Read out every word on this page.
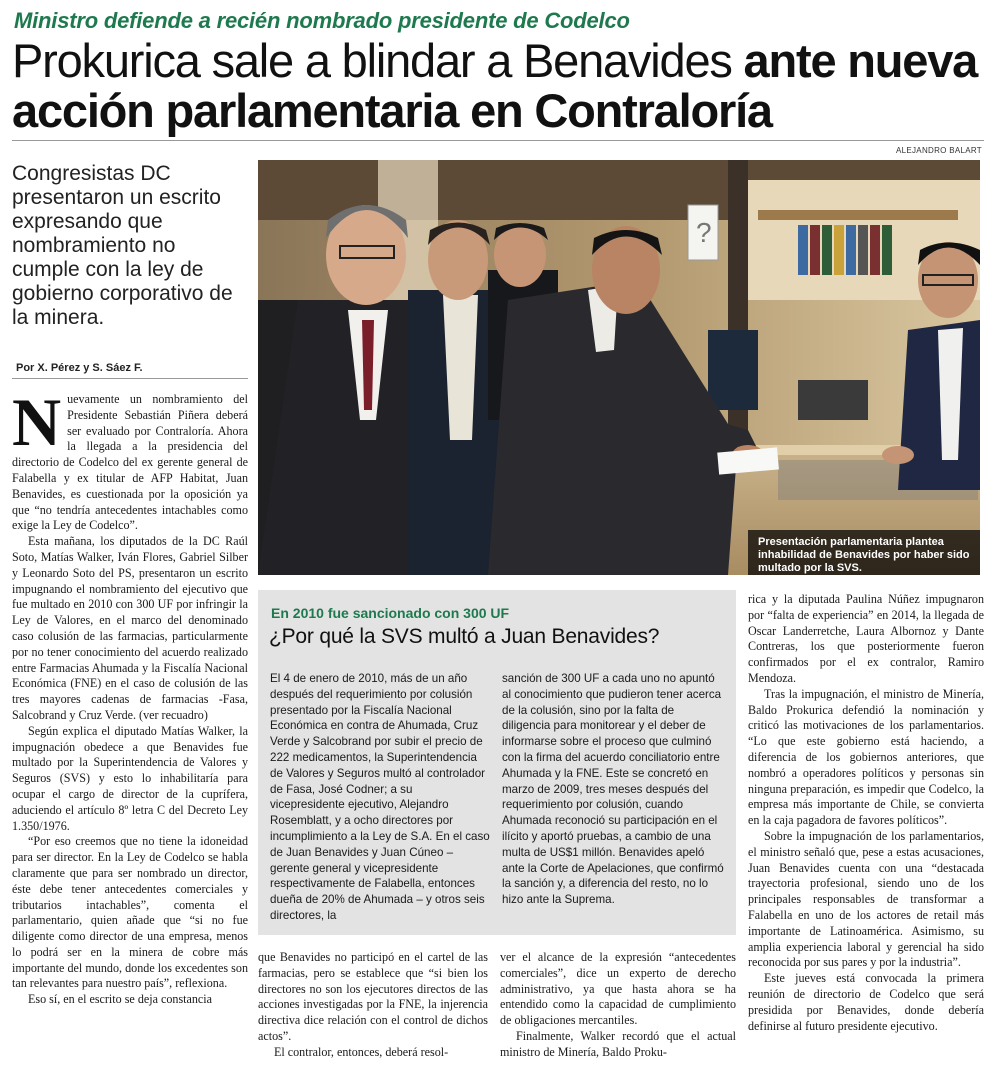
Ministro defiende a recién nombrado presidente de Codelco
Prokurica sale a blindar a Benavides ante nueva acción parlamentaria en Contraloría
ALEJANDRO BALART
Congresistas DC presentaron un escrito expresando que nombramiento no cumple con la ley de gobierno corporativo de la minera.
Por X. Pérez y S. Sáez F.
?
Presentación parlamentaria plantea inhabilidad de Benavides por haber sido multado por la SVS.

Nuevamente un nombramiento del Presidente Sebastián Piñera deberá ser evaluado por Contraloría. Ahora la llegada a la presidencia del directorio de Codelco del ex gerente general de Falabella y ex titular de AFP Habitat, Juan Benavides, es cuestionada por la oposición ya que “no tendría antecedentes intachables como exige la Ley de Codelco”.

Esta mañana, los diputados de la DC Raúl Soto, Matías Walker, Iván Flores, Gabriel Silber y Leonardo Soto del PS, presentaron un escrito impugnando el nombramiento del ejecutivo que fue multado en 2010 con 300 UF por infringir la Ley de Valores, en el marco del denominado caso colusión de las farmacias, particularmente por no tener conocimiento del acuerdo realizado entre Farmacias Ahumada y la Fiscalía Nacional Económica (FNE) en el caso de colusión de las tres mayores cadenas de farmacias -Fasa, Salcobrand y Cruz Verde. (ver recuadro)

Según explica el diputado Matías Walker, la impugnación obedece a que Benavides fue multado por la Superintendencia de Valores y Seguros (SVS) y esto lo inhabilitaría para ocupar el cargo de director de la cuprífera, aduciendo el artículo 8º letra C del Decreto Ley 1.350/1976.

“Por eso creemos que no tiene la idoneidad para ser director. En la Ley de Codelco se habla claramente que para ser nombrado un director, éste debe tener antecedentes comerciales y tributarios intachables”, comenta el parlamentario, quien añade que “si no fue diligente como director de una empresa, menos lo podrá ser en la minera de cobre más importante del mundo, donde los excedentes son tan relevantes para nuestro país”, reflexiona.

Eso sí, en el escrito se deja constancia

En 2010 fue sancionado con 300 UF
¿Por qué la SVS multó a Juan Benavides?
El 4 de enero de 2010, más de un año después del requerimiento por colusión presentado por la Fiscalía Nacional Económica en contra de Ahumada, Cruz Verde y Salcobrand por subir el precio de 222 medicamentos, la Superintendencia de Valores y Seguros multó al controlador de Fasa, José Codner; a su vicepresidente ejecutivo, Alejandro Rosemblatt, y a ocho directores por incumplimiento a la Ley de S.A. En el caso de Juan Benavides y Juan Cúneo – gerente general y vicepresidente respectivamente de Falabella, entonces dueña de 20% de Ahumada – y otros seis directores, la
sanción de 300 UF a cada uno no apuntó al conocimiento que pudieron tener acerca de la colusión, sino por la falta de diligencia para monitorear y el deber de informarse sobre el proceso que culminó con la firma del acuerdo conciliatorio entre Ahumada y la FNE. Este se concretó en marzo de 2009, tres meses después del requerimiento por colusión, cuando Ahumada reconoció su participación en el ilícito y aportó pruebas, a cambio de una multa de US$1 millón. Benavides apeló ante la Corte de Apelaciones, que confirmó la sanción y, a diferencia del resto, no lo hizo ante la Suprema.

que Benavides no participó en el cartel de las farmacias, pero se establece que “si bien los directores no son los ejecutores directos de las acciones investigadas por la FNE, la injerencia directiva dice relación con el control de dichos actos”.

El contralor, entonces, deberá resol-

ver el alcance de la expresión “antecedentes comerciales”, dice un experto de derecho administrativo, ya que hasta ahora se ha entendido como la capacidad de cumplimiento de obligaciones mercantiles.

Finalmente, Walker recordó que el actual ministro de Minería, Baldo Proku-

rica y la diputada Paulina Núñez impugnaron por “falta de experiencia” en 2014, la llegada de Oscar Landerretche, Laura Albornoz y Dante Contreras, los que posteriormente fueron confirmados por el ex contralor, Ramiro Mendoza.

Tras la impugnación, el ministro de Minería, Baldo Prokurica defendió la nominación y criticó las motivaciones de los parlamentarios. “Lo que este gobierno está haciendo, a diferencia de los gobiernos anteriores, que nombró a operadores políticos y personas sin ninguna preparación, es impedir que Codelco, la empresa más importante de Chile, se convierta en la caja pagadora de favores políticos”.

Sobre la impugnación de los parlamentarios, el ministro señaló que, pese a estas acusaciones, Juan Benavides cuenta con una “destacada trayectoria profesional, siendo uno de los principales responsables de transformar a Falabella en uno de los actores de retail más importante de Latinoamérica. Asimismo, su amplia experiencia laboral y gerencial ha sido reconocida por sus pares y por la industria”.

Este jueves está convocada la primera reunión de directorio de Codelco que será presidida por Benavides, donde debería definirse al futuro presidente ejecutivo.
